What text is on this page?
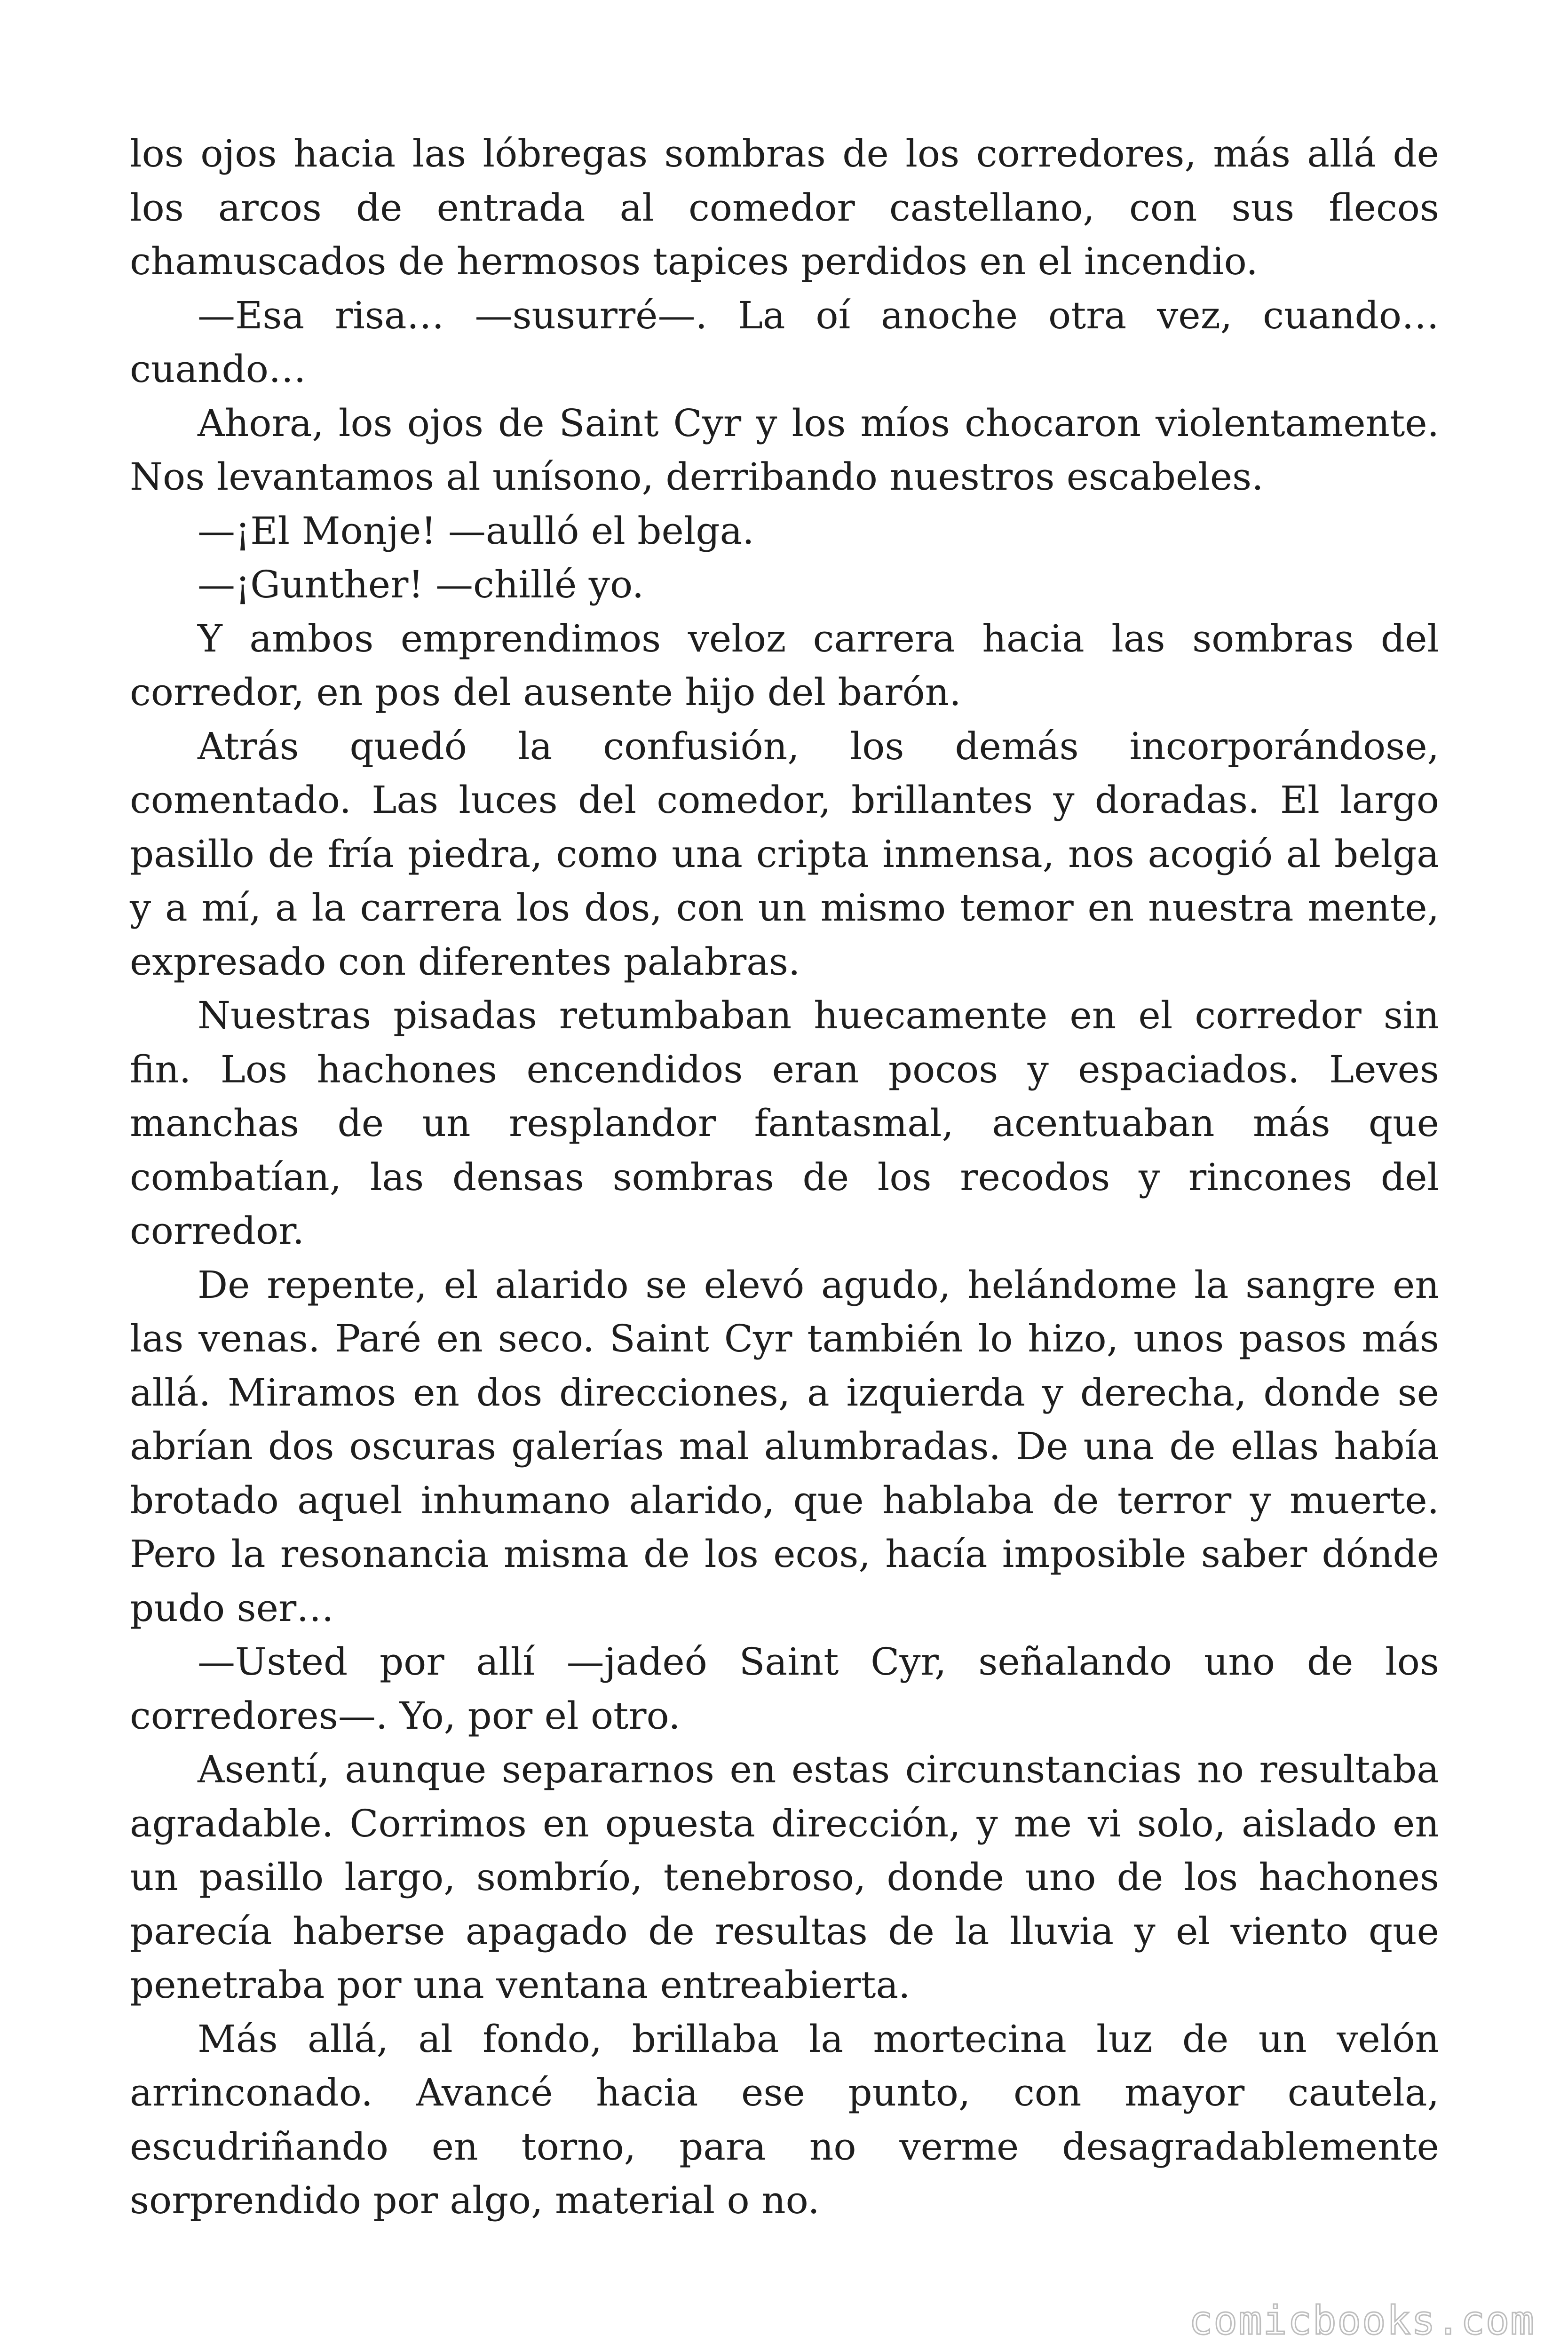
los ojos hacia las lóbregas sombras de los corredores, más allá de los arcos de entrada al comedor castellano, con sus flecos chamuscados de hermosos tapices perdidos en el incendio.

—Esa risa… —susurré—. La oí anoche otra vez, cuando… cuando…

Ahora, los ojos de Saint Cyr y los míos chocaron violentamente. Nos levantamos al unísono, derribando nuestros escabeles.

—¡El Monje! —aulló el belga.

—¡Gunther! —chillé yo.

Y ambos emprendimos veloz carrera hacia las sombras del corredor, en pos del ausente hijo del barón.

Atrás quedó la confusión, los demás incorporándose, comentado. Las luces del comedor, brillantes y doradas. El largo pasillo de fría piedra, como una cripta inmensa, nos acogió al belga y a mí, a la carrera los dos, con un mismo temor en nuestra mente, expresado con diferentes palabras.

Nuestras pisadas retumbaban huecamente en el corredor sin fin. Los hachones encendidos eran pocos y espaciados. Leves manchas de un resplandor fantasmal, acentuaban más que combatían, las densas sombras de los recodos y rincones del corredor.

De repente, el alarido se elevó agudo, helándome la sangre en las venas. Paré en seco. Saint Cyr también lo hizo, unos pasos más allá. Miramos en dos direcciones, a izquierda y derecha, donde se abrían dos oscuras galerías mal alumbradas. De una de ellas había brotado aquel inhumano alarido, que hablaba de terror y muerte. Pero la resonancia misma de los ecos, hacía imposible saber dónde pudo ser…

—Usted por allí —jadeó Saint Cyr, señalando uno de los corredores—. Yo, por el otro.

Asentí, aunque separarnos en estas circunstancias no resultaba agradable. Corrimos en opuesta dirección, y me vi solo, aislado en un pasillo largo, sombrío, tenebroso, donde uno de los hachones parecía haberse apagado de resultas de la lluvia y el viento que penetraba por una ventana entreabierta.

Más allá, al fondo, brillaba la mortecina luz de un velón arrinconado. Avancé hacia ese punto, con mayor cautela, escudriñando en torno, para no verme desagradablemente sorprendido por algo, material o no.

comicbooks.com
